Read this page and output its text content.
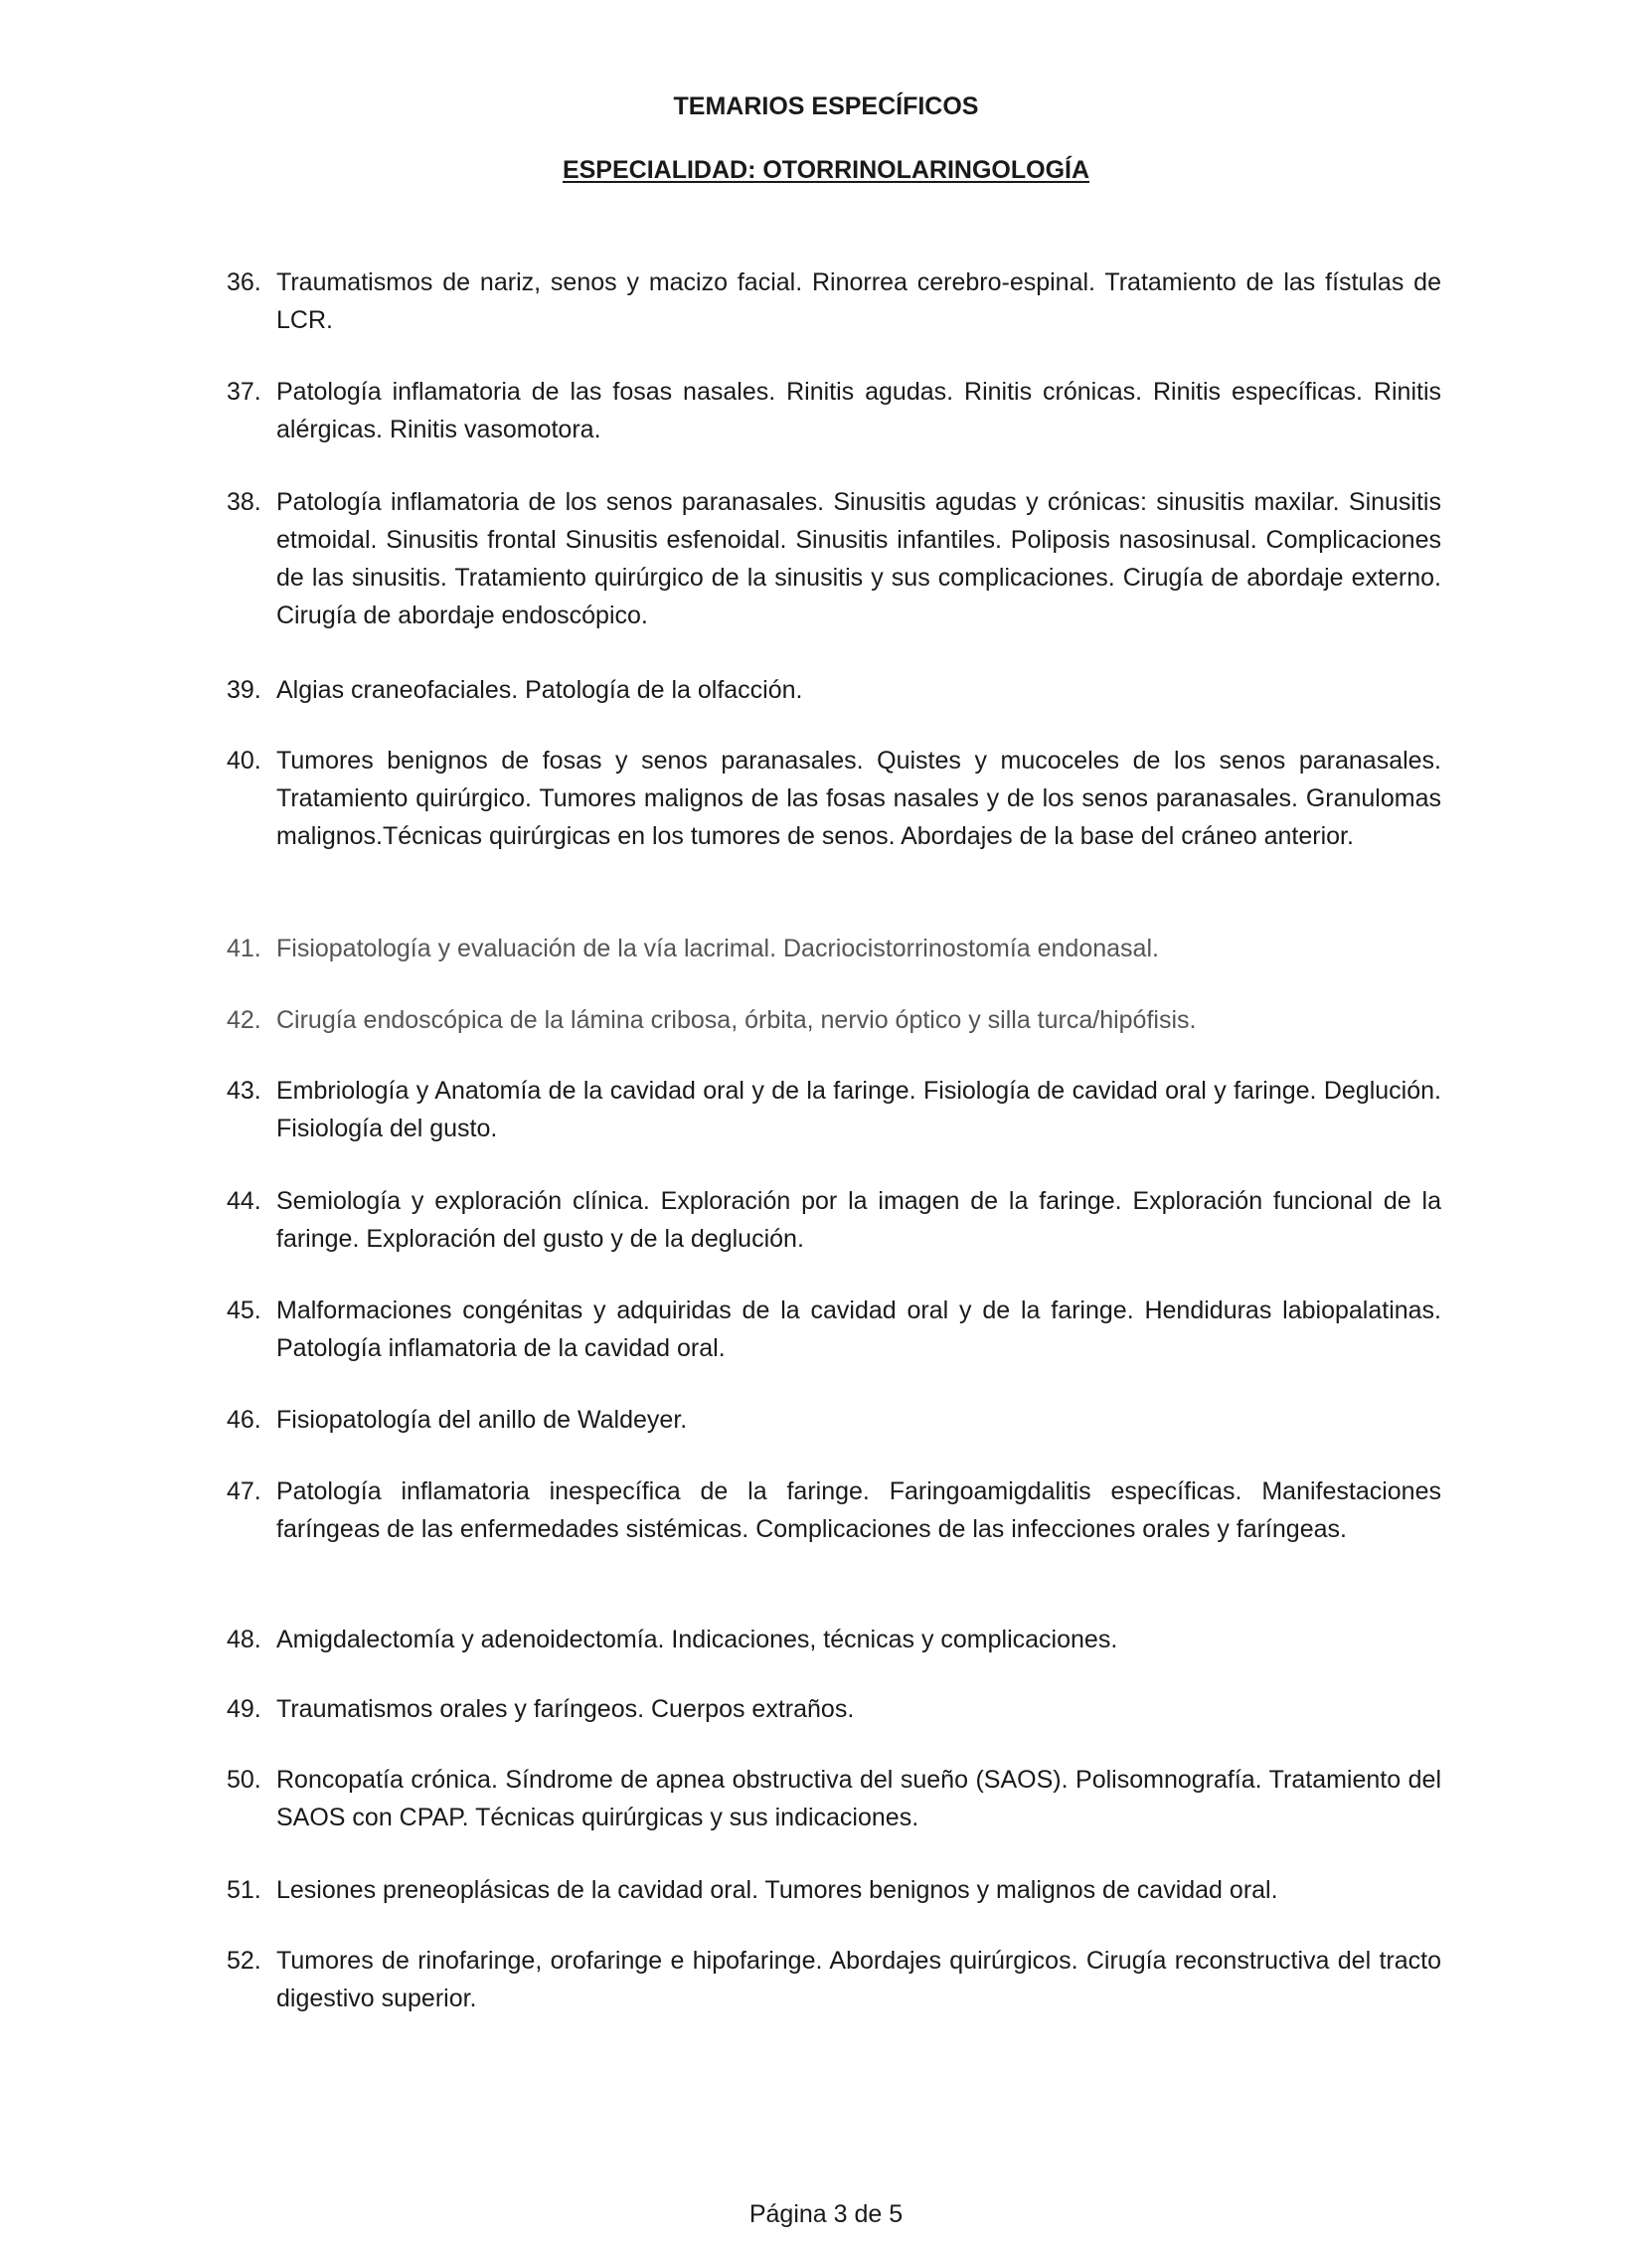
TEMARIOS ESPECÍFICOS
ESPECIALIDAD: OTORRINOLARINGOLOGÍA
36. Traumatismos de nariz, senos y macizo facial. Rinorrea cerebro-espinal. Tratamiento de las fístulas de LCR.
37. Patología inflamatoria de las fosas nasales. Rinitis agudas. Rinitis crónicas. Rinitis específicas. Rinitis alérgicas. Rinitis vasomotora.
38. Patología inflamatoria de los senos paranasales. Sinusitis agudas y crónicas: sinusitis maxilar. Sinusitis etmoidal. Sinusitis frontal Sinusitis esfenoidal. Sinusitis infantiles. Poliposis nasosinusal. Complicaciones de las sinusitis. Tratamiento quirúrgico de la sinusitis y sus complicaciones. Cirugía de abordaje externo. Cirugía de abordaje endoscópico.
39. Algias craneofaciales. Patología de la olfacción.
40. Tumores benignos de fosas y senos paranasales. Quistes y mucoceles de los senos paranasales. Tratamiento quirúrgico. Tumores malignos de las fosas nasales y de los senos paranasales. Granulomas malignos.Técnicas quirúrgicas en los tumores de senos. Abordajes de la base del cráneo anterior.
41. Fisiopatología y evaluación de la vía lacrimal. Dacriocistorrinostomía endonasal.
42. Cirugía endoscópica de la lámina cribosa, órbita, nervio óptico y silla turca/hipófisis.
43. Embriología y Anatomía de la cavidad oral y de la faringe. Fisiología de cavidad oral y faringe. Deglución. Fisiología del gusto.
44. Semiología y exploración clínica. Exploración por la imagen de la faringe. Exploración funcional de la faringe. Exploración del gusto y de la deglución.
45. Malformaciones congénitas y adquiridas de la cavidad oral y de la faringe. Hendiduras labiopalatinas. Patología inflamatoria de la cavidad oral.
46. Fisiopatología del anillo de Waldeyer.
47. Patología inflamatoria inespecífica de la faringe. Faringoamigdalitis específicas. Manifestaciones faríngeas de las enfermedades sistémicas. Complicaciones de las infecciones orales y faríngeas.
48. Amigdalectomía y adenoidectomía. Indicaciones, técnicas y complicaciones.
49. Traumatismos orales y faríngeos. Cuerpos extraños.
50. Roncopatía crónica. Síndrome de apnea obstructiva del sueño (SAOS). Polisomnografía. Tratamiento del SAOS con CPAP. Técnicas quirúrgicas y sus indicaciones.
51. Lesiones preneoplásicas de la cavidad oral. Tumores benignos y malignos de cavidad oral.
52. Tumores de rinofaringe, orofaringe e hipofaringe. Abordajes quirúrgicos. Cirugía reconstructiva del tracto digestivo superior.
Página 3 de 5
